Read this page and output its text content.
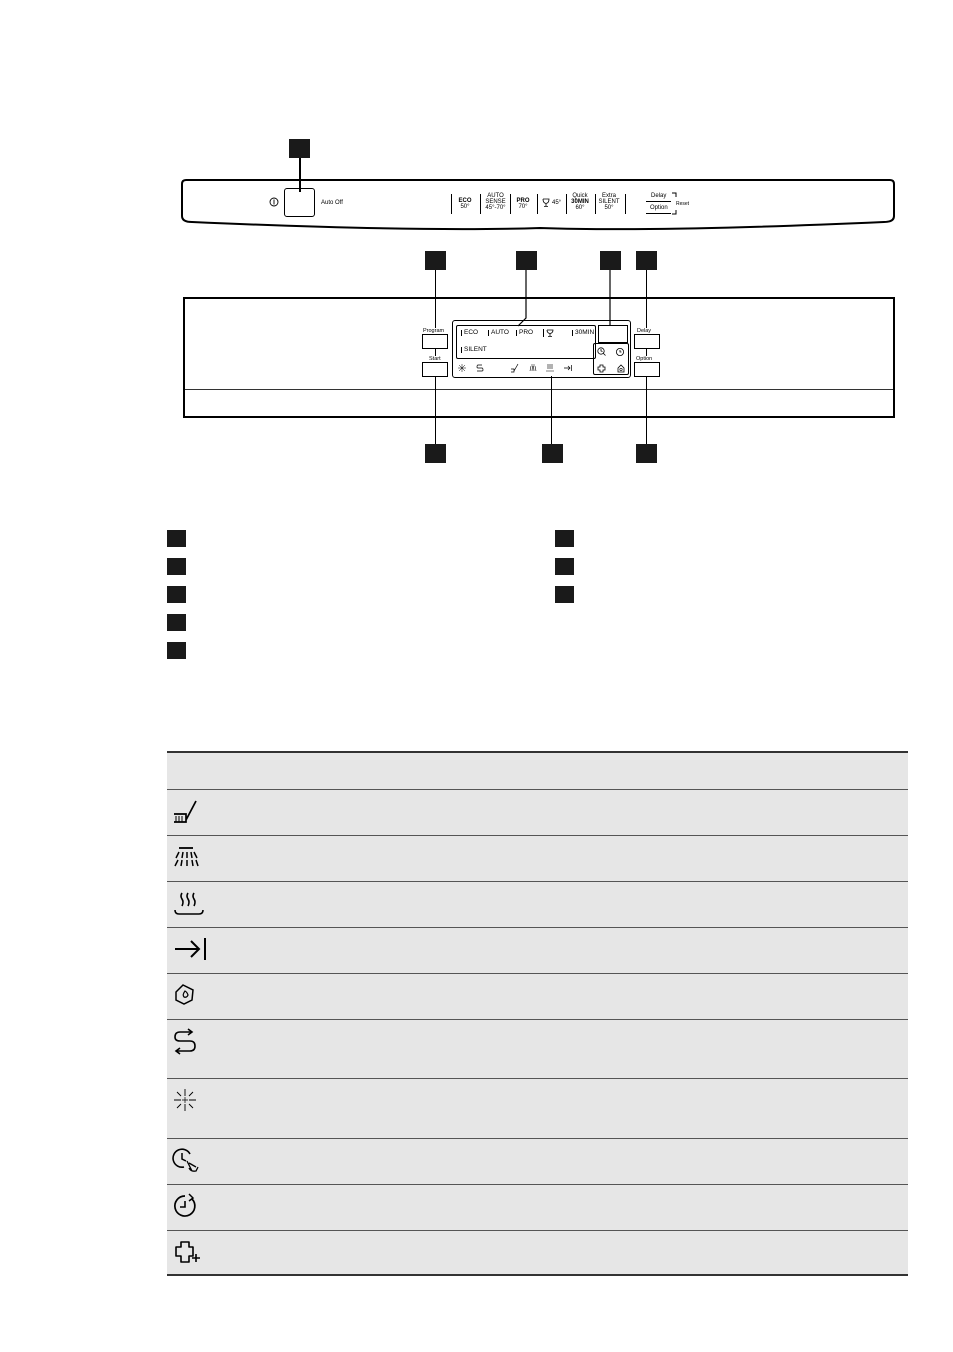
Auto Off	ECO
50°
AUTO
SENSE
45°-70°
PRO
70°
45°
Quick
30MIN
60°
Extra
SILENT
50°
Delay
Option
Reset
Program
Start
Delay
Option
ECO	AUTO	PRO	30MIN
SILENT
